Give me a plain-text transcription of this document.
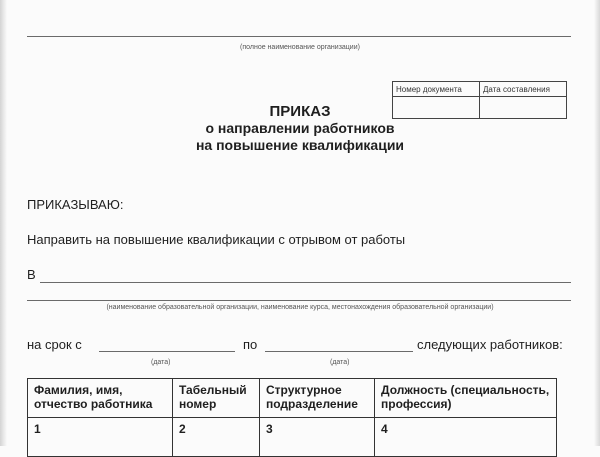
(полное наименование организации)
Номер документа	Дата составления

ПРИКАЗ
о направлении работников
на повышение квалификации
ПРИКАЗЫВАЮ:
Направить на повышение квалификации с отрывом от работы
В
(наименование образовательной организации, наименование курса, местонахождения образовательной организации)
на срок с	по	следующих работников:
(дата)	(дата)
Фамилия, имя, отчество работника	Табельный номер	Структурное подразделение	Должность (специальность, профессия)
1	2	3	4
